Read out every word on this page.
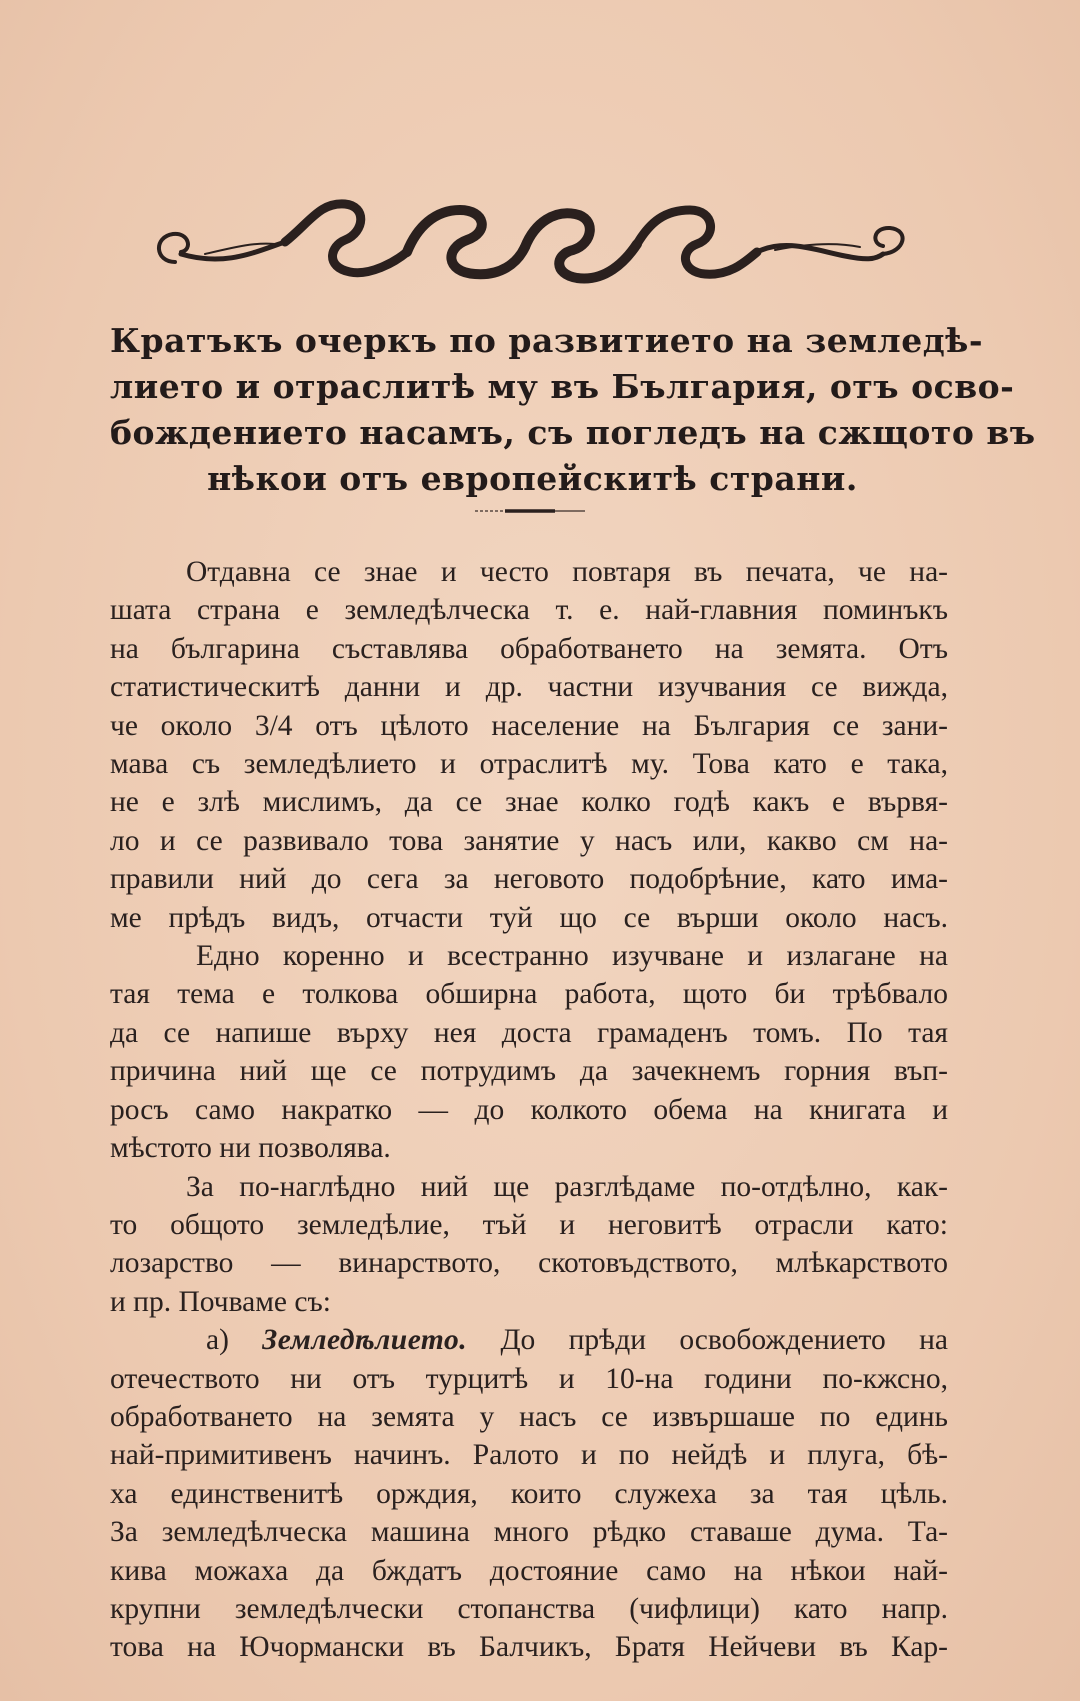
Кратъкъ очеркъ по развитието на земледѣ-
лието и отраслитѣ му въ България, отъ осво-
бождението насамъ, съ погледъ на сжщото въ
нѣкои отъ европейскитѣ страни.
Отдавна се знае и често повтаря въ печата, че на-
шата страна е земледѣлческа т. е. най-главния поминъкъ
на българина съставлява обработването на земята. Отъ
статистическитѣ данни и др. частни изучвания се вижда,
че около 3/4 отъ цѣлото население на България се зани-
мава съ земледѣлието и отраслитѣ му. Това като е така,
не е злѣ мислимъ, да се знае колко годѣ какъ е вървя-
ло и се развивало това занятие у насъ или, какво см на-
правили ний до сега за неговото подобрѣние, като има-
ме прѣдъ видъ, отчасти туй що се върши около насъ.
Едно коренно и всестранно изучване и излагане на
тая тема е толкова обширна работа, щото би трѣбвало
да се напише върху нея доста грамаденъ томъ. По тая
причина ний ще се потрудимъ да зачекнемъ горния въп-
росъ само накратко — до колкото обема на книгата и
мѣстото ни позволява.
За по-наглѣдно ний ще разглѣдаме по-отдѣлно, как-
то общото земледѣлие, тъй и неговитѣ отрасли като:
лозарство –– винарството, скотовъдството, млѣкарството
и пр. Почваме съ:
а) Земледѣлието. До прѣди освобождението на
отечеството ни отъ турцитѣ и 10-на години по-кжсно,
обработването на земята у насъ се извършаше по единь
най-примитивенъ начинъ. Ралото и по нейдѣ и плуга, бѣ-
ха единственитѣ орждия, които служеха за тая цѣль.
За земледѣлческа машина много рѣдко ставаше дума. Та-
кива можаха да бждатъ достояние само на нѣкои най-
крупни земледѣлчески стопанства (чифлици) като напр.
това на Ючормански въ Балчикъ, Братя Нейчеви въ Кар-
